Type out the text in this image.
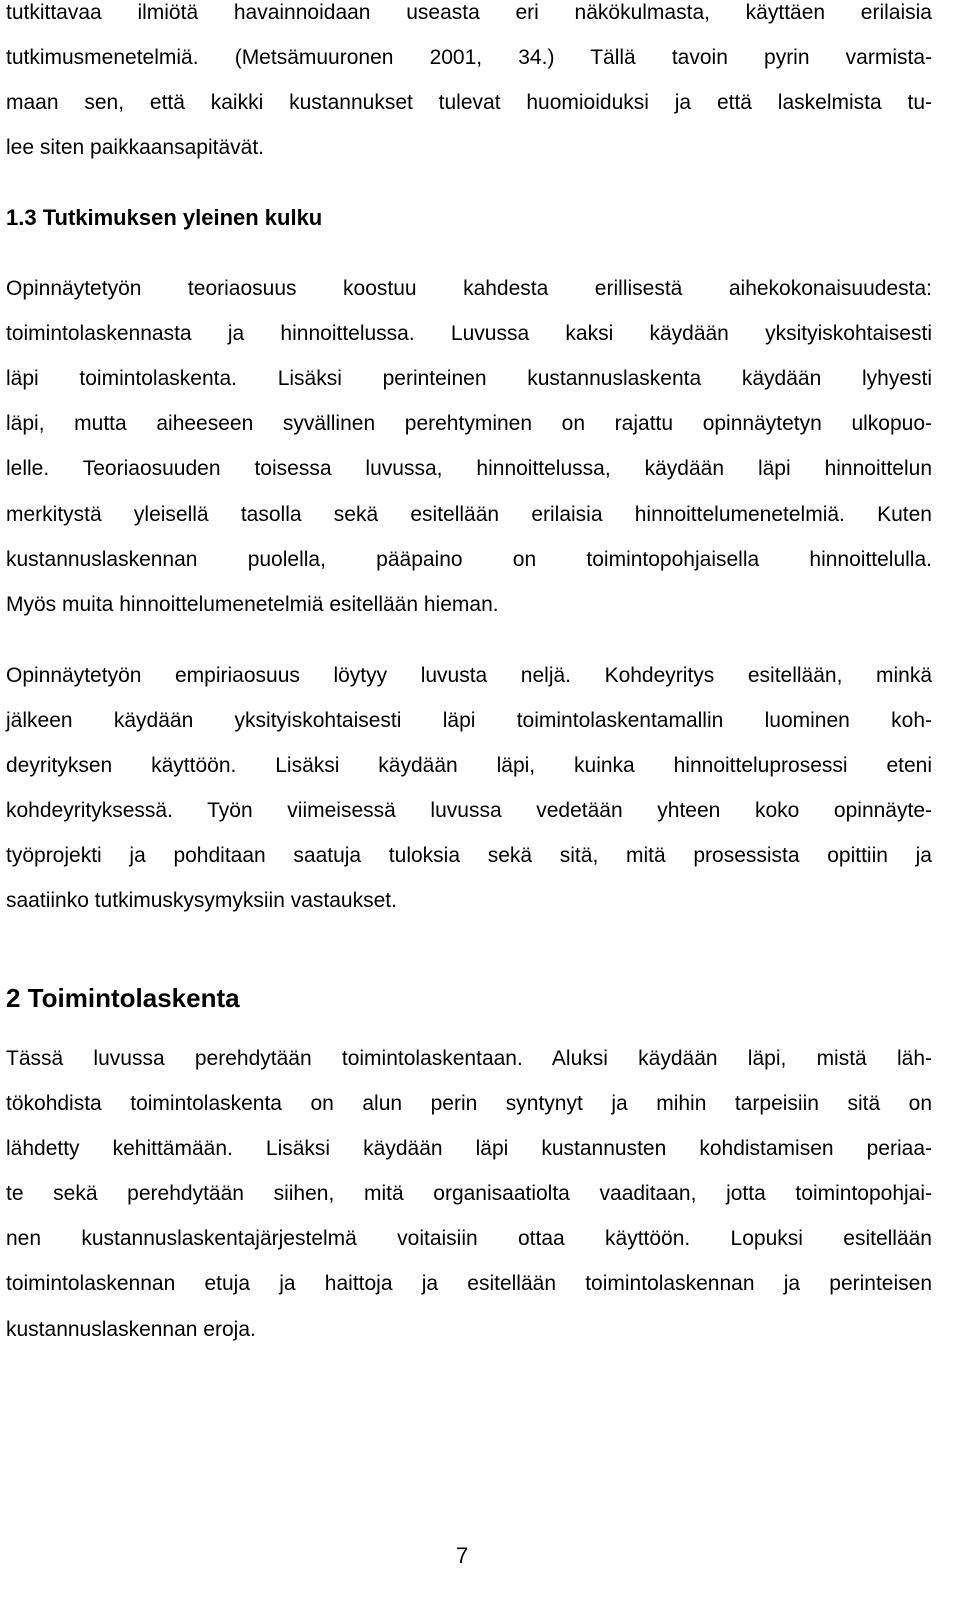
tutkittavaa ilmiötä havainnoidaan useasta eri näkökulmasta, käyttäen erilaisia
tutkimusmenetelmiä. (Metsämuuronen 2001, 34.) Tällä tavoin pyrin varmista-
maan sen, että kaikki kustannukset tulevat huomioiduksi ja että laskelmista tu-
lee siten paikkaansapitävät.
1.3 Tutkimuksen yleinen kulku
Opinnäytetyön teoriaosuus koostuu kahdesta erillisestä aihekokonaisuudesta:
toimintolaskennasta ja hinnoittelussa. Luvussa kaksi käydään yksityiskohtaisesti
läpi toimintolaskenta. Lisäksi perinteinen kustannuslaskenta käydään lyhyesti
läpi, mutta aiheeseen syvällinen perehtyminen on rajattu opinnäytetyn ulkopuo-
lelle. Teoriaosuuden toisessa luvussa, hinnoittelussa, käydään läpi hinnoittelun
merkitystä yleisellä tasolla sekä esitellään erilaisia hinnoittelumenetelmiä. Kuten
kustannuslaskennan puolella, pääpaino on toimintopohjaisella hinnoittelulla.
Myös muita hinnoittelumenetelmiä esitellään hieman.
Opinnäytetyön empiriaosuus löytyy luvusta neljä. Kohdeyritys esitellään, minkä
jälkeen käydään yksityiskohtaisesti läpi toimintolaskentamallin luominen koh-
deyrityksen käyttöön. Lisäksi käydään läpi, kuinka hinnoitteluprosessi eteni
kohdeyrityksessä. Työn viimeisessä luvussa vedetään yhteen koko opinnäyte-
työprojekti ja pohditaan saatuja tuloksia sekä sitä, mitä prosessista opittiin ja
saatiinko tutkimuskysymyksiin vastaukset.
2 Toimintolaskenta
Tässä luvussa perehdytään toimintolaskentaan. Aluksi käydään läpi, mistä läh-
tökohdista toimintolaskenta on alun perin syntynyt ja mihin tarpeisiin sitä on
lähdetty kehittämään. Lisäksi käydään läpi kustannusten kohdistamisen periaa-
te sekä perehdytään siihen, mitä organisaatiolta vaaditaan, jotta toimintopohjai-
nen kustannuslaskentajärjestelmä voitaisiin ottaa käyttöön. Lopuksi esitellään
toimintolaskennan etuja ja haittoja ja esitellään toimintolaskennan ja perinteisen
kustannuslaskennan eroja.
7
